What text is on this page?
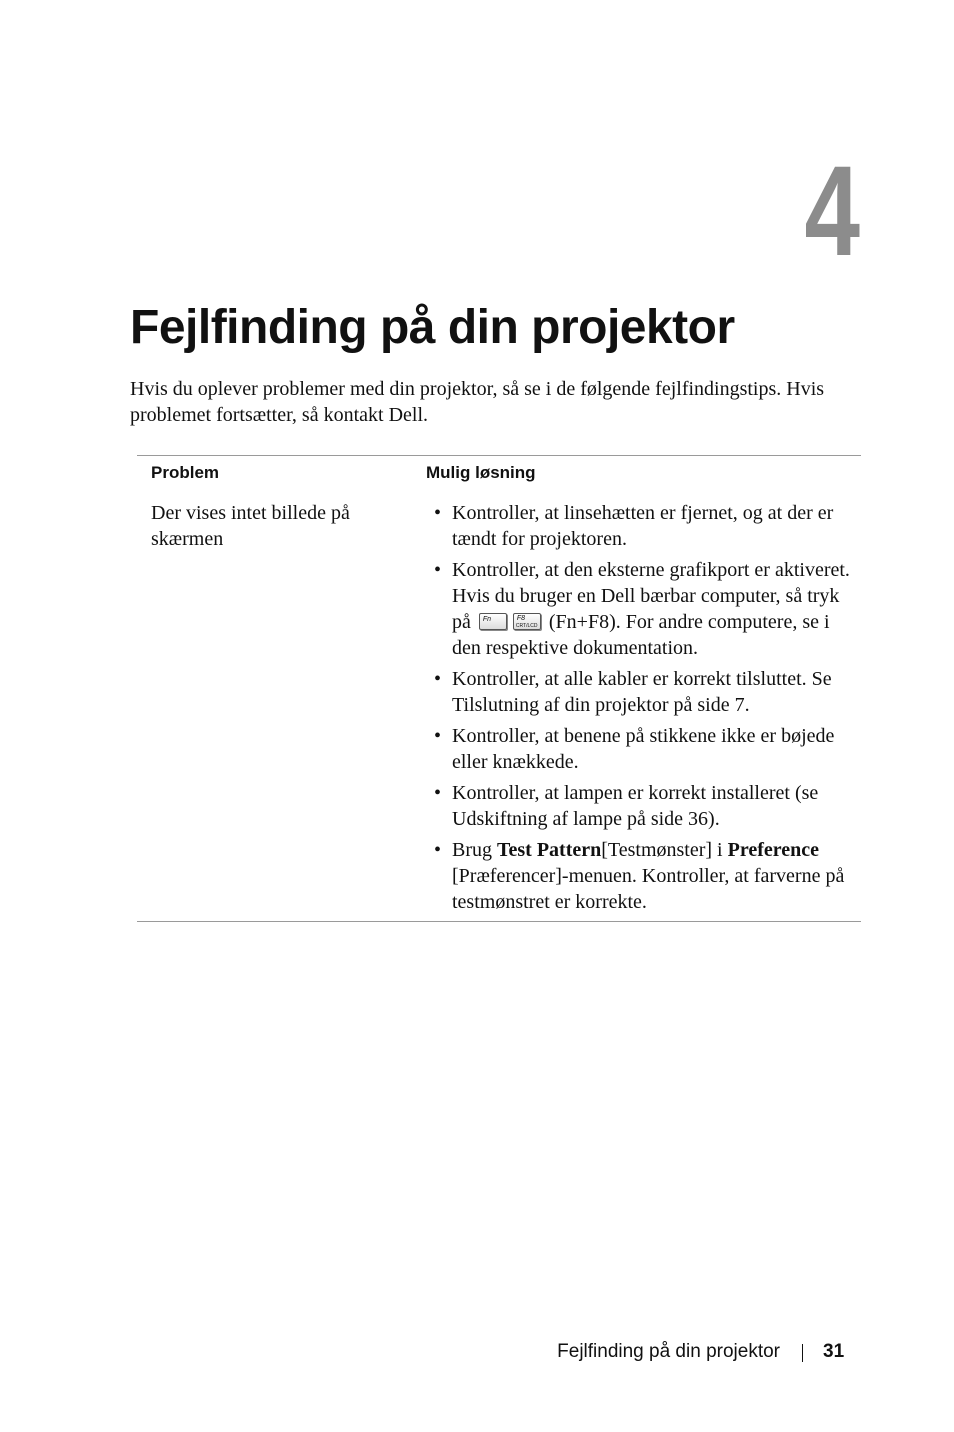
4
Fejlfinding på din projektor

Hvis du oplever problemer med din projektor, så se i de følgende fejlfindingstips. Hvis problemet fortsætter, så kontakt Dell.

Problem	Mulig løsning
Der vises intet billede på skærmen
• Kontroller, at linsehætten er fjernet, og at der er tændt for projektoren.
• Kontroller, at den eksterne grafikport er aktiveret. Hvis du bruger en Dell bærbar computer, så tryk på Fn	F8
CRT/LCD (Fn+F8). For andre computere, se i den respektive dokumentation.
• Kontroller, at alle kabler er korrekt tilsluttet. Se Tilslutning af din projektor på side 7.
• Kontroller, at benene på stikkene ikke er bøjede eller knækkede.
• Kontroller, at lampen er korrekt installeret (se Udskiftning af lampe på side 36).
• Brug Test Pattern[Testmønster] i Preference [Præferencer]-menuen. Kontroller, at farverne på testmønstret er korrekte.
Fejlfinding på din projektor 31
